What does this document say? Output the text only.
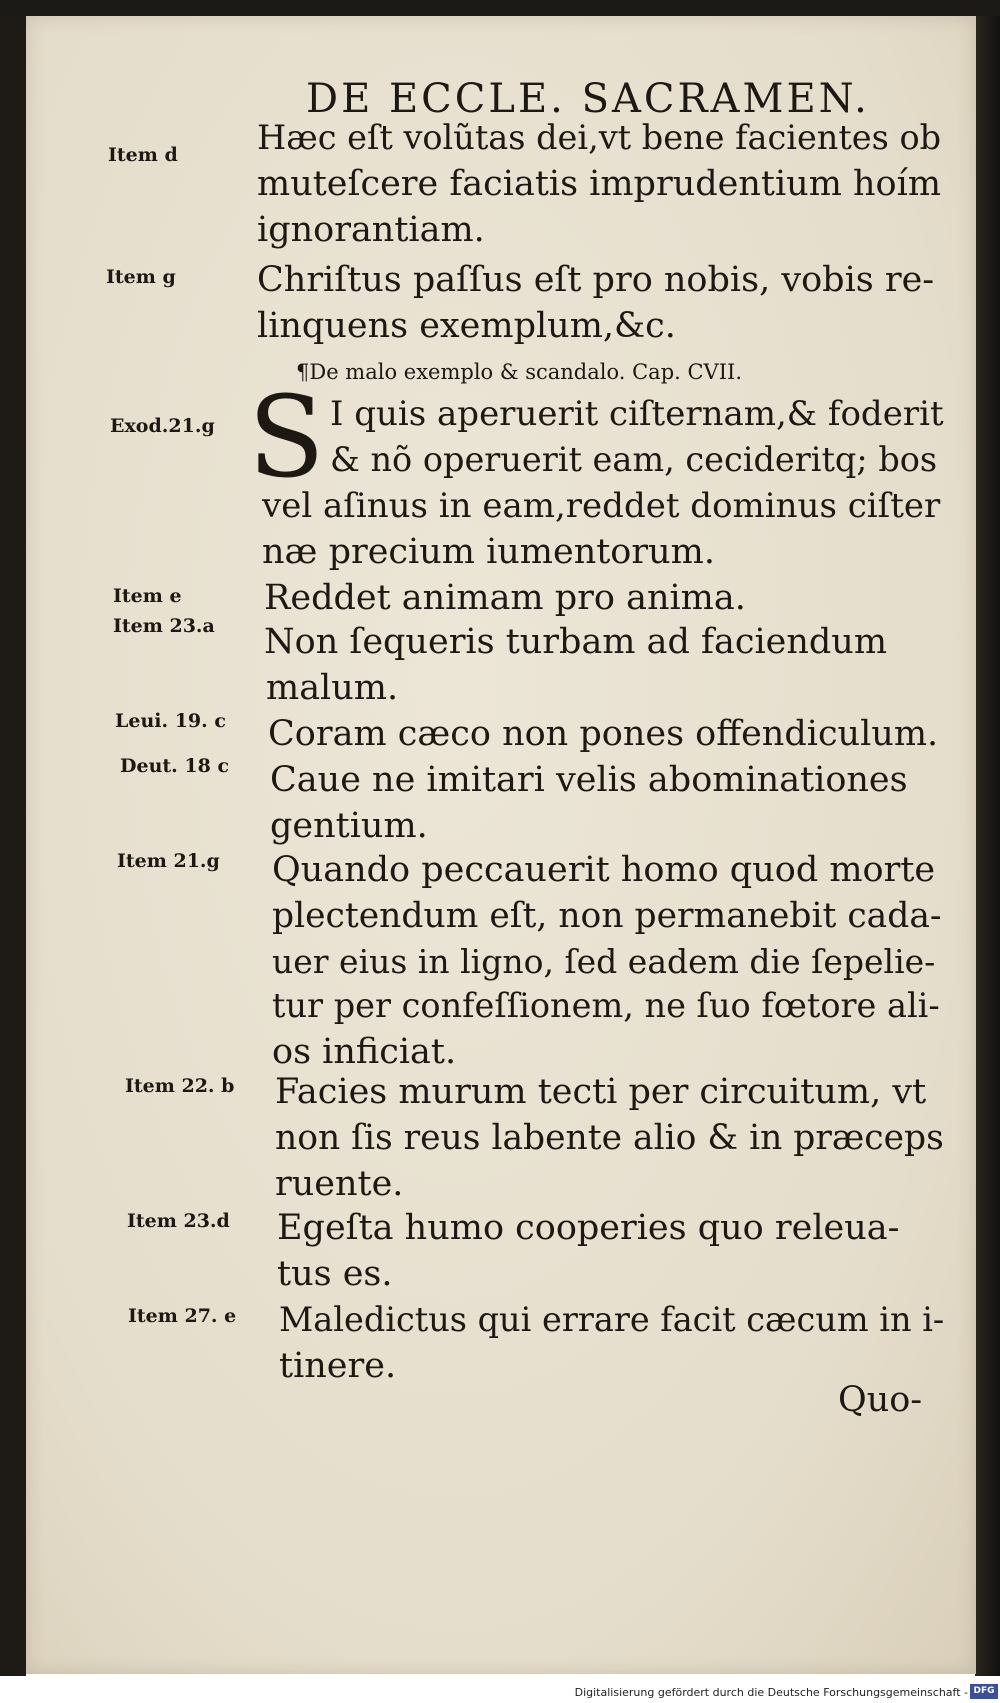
DE ECCLE. SACRAMEN.
Item d
Item g
Exod.21.g
Item e
Item 23.a
Leui. 19. c
Deut. 18 c
Item 21.g
Item 22. b
Item 23.d
Item 27. e
Hæc eſt volũtas dei,vt bene facientes ob
muteſcere faciatis imprudentium hoím
ignorantiam.
Chriſtus paſſus eſt pro nobis, vobis re-
linquens exemplum,&c.
¶De malo exemplo & scandalo. Cap. CVII.
S I quis aperuerit ciſternam,& foderit
& nõ operuerit eam, cecideritq; bos
vel aſinus in eam,reddet dominus ciſter
næ precium iumentorum.
Reddet animam pro anima.
Non ſequeris turbam ad faciendum
malum.
Coram cæco non pones offendiculum.
Caue ne imitari velis abominationes
gentium.
Quando peccauerit homo quod morte
plectendum eſt, non permanebit cada-
uer eius in ligno, ſed eadem die ſepelie-
tur per confeſſionem, ne ſuo fœtore ali-
os inficiat.
Facies murum tecti per circuitum, vt
non ſis reus labente alio & in præceps
ruente.
Egeſta humo cooperies quo releua-
tus es.
Maledictus qui errare facit cæcum in i-
tinere.
Quo-
Digitalisierung gefördert durch die Deutsche Forschungsgemeinschaft - DFG
